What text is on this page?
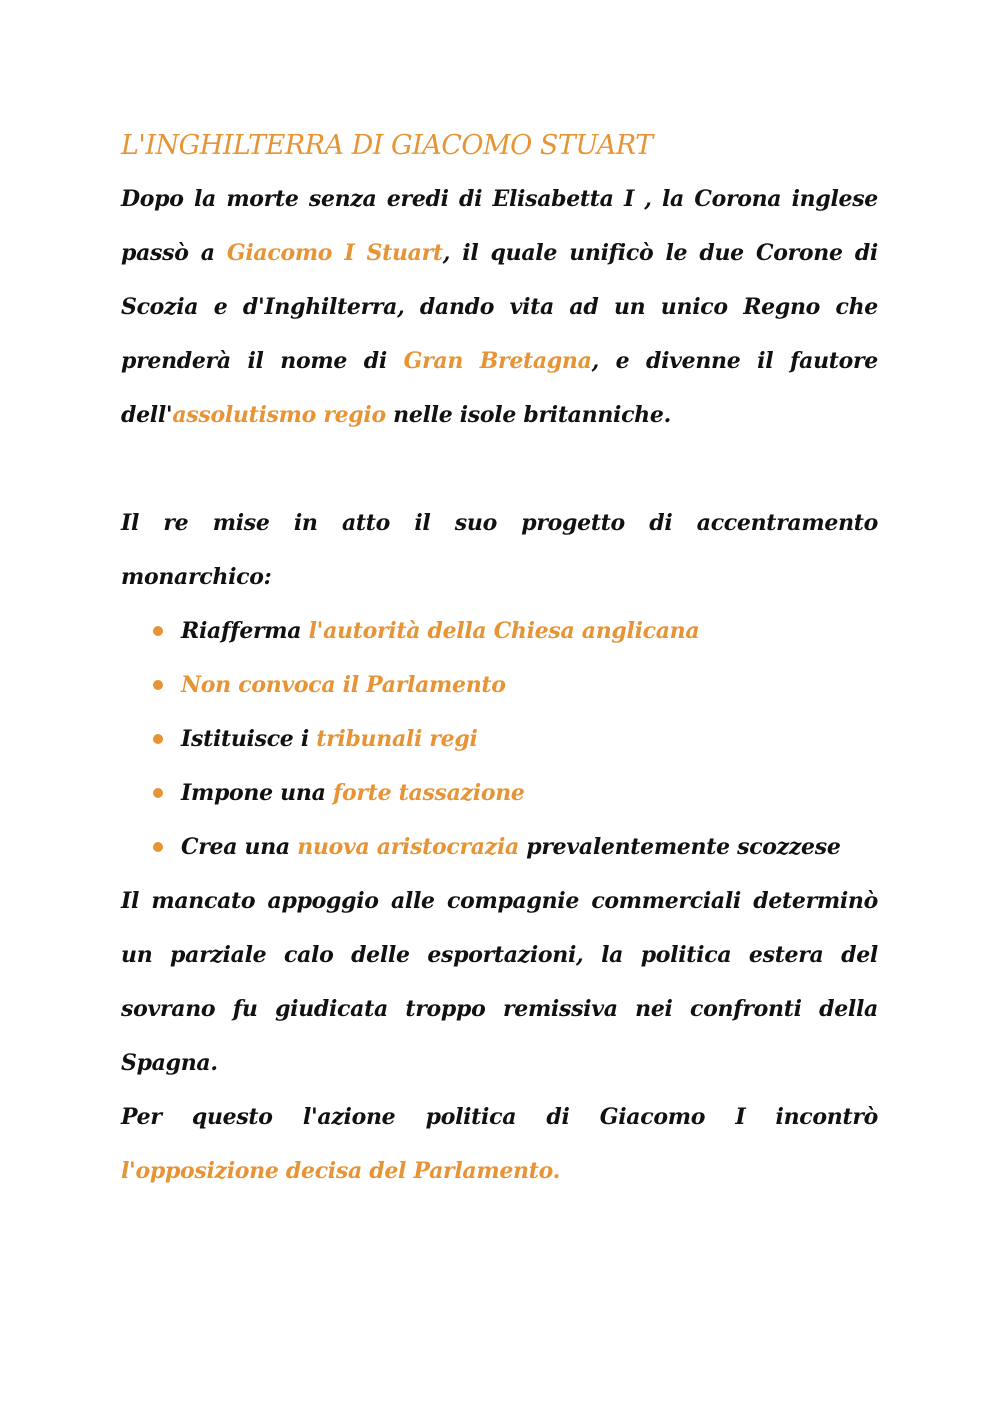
L'INGHILTERRA DI GIACOMO STUART

Dopo la morte senza eredi di Elisabetta I , la Corona inglese passò a Giacomo I Stuart, il quale unificò le due Corone di Scozia e d'Inghilterra, dando vita ad un unico Regno che prenderà il nome di Gran Bretagna, e divenne il fautore dell'assolutismo regio nelle isole britanniche.

Il re mise in atto il suo progetto di accentramento monarchico:

Riafferma l'autorità della Chiesa anglicana
Non convoca il Parlamento
Istituisce i tribunali regi
Impone una forte tassazione
Crea una nuova aristocrazia prevalentemente scozzese

Il mancato appoggio alle compagnie commerciali determinò un parziale calo delle esportazioni, la politica estera del sovrano fu giudicata troppo remissiva nei confronti della Spagna.

Per questo l'azione politica di Giacomo I incontrò l'opposizione decisa del Parlamento.
